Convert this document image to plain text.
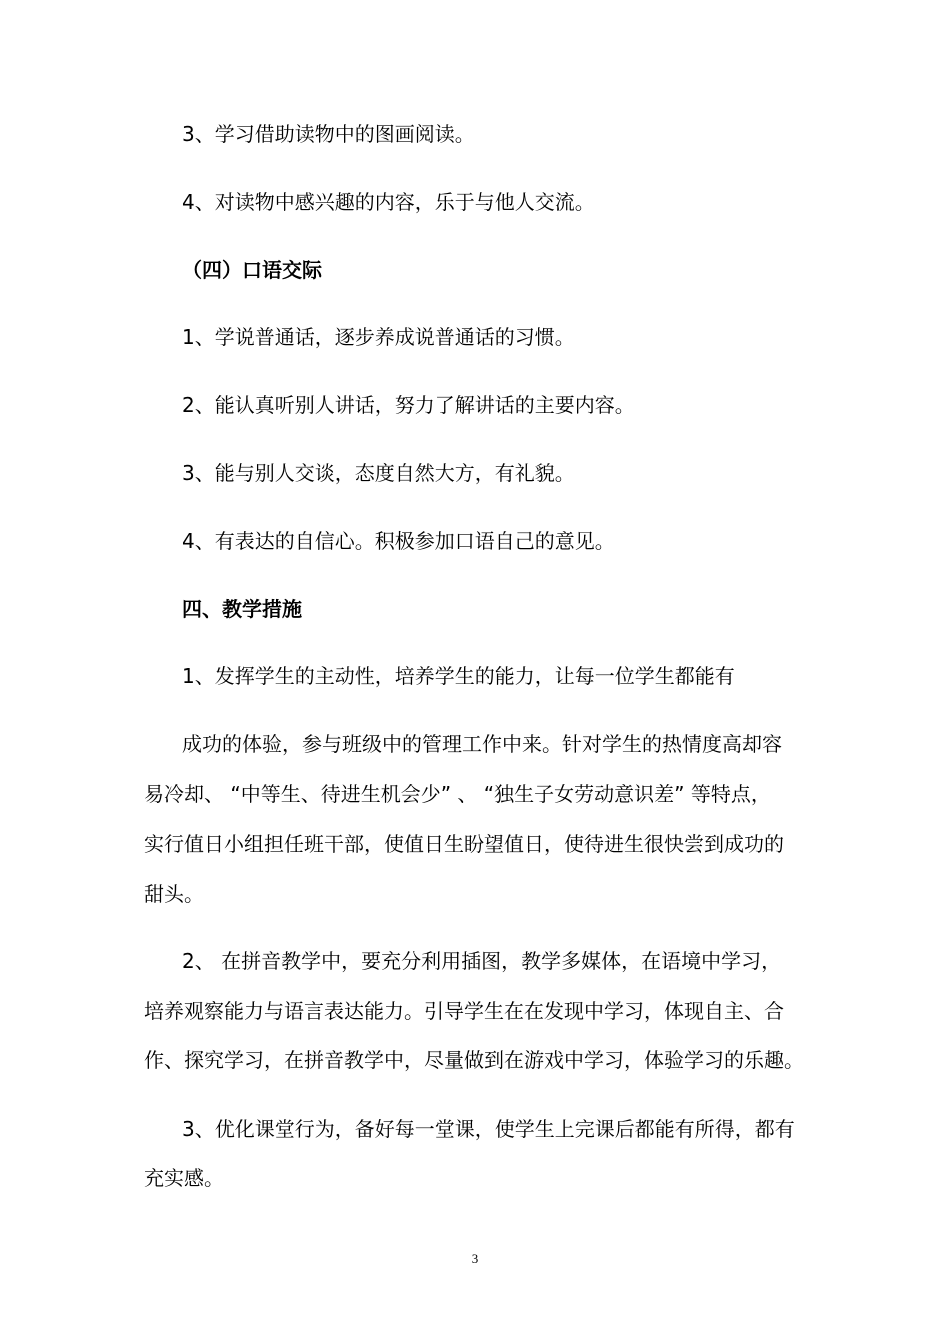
3、学习借助读物中的图画阅读。
4、对读物中感兴趣的内容，乐于与他人交流。
（四）口语交际
1、学说普通话，逐步养成说普通话的习惯。
2、能认真听别人讲话，努力了解讲话的主要内容。
3、能与别人交谈，态度自然大方，有礼貌。
4、有表达的自信心。积极参加口语自己的意见。
四、教学措施
1、发挥学生的主动性，培养学生的能力，让每一位学生都能有
成功的体验，参与班级中的管理工作中来。针对学生的热情度高却容
易冷却、 “中等生、待进生机会少” 、 “独生子女劳动意识差” 等特点，
实行值日小组担任班干部，使值日生盼望值日，使待进生很快尝到成功的
甜头。
2、 在拼音教学中，要充分利用插图，教学多媒体，在语境中学习，
培养观察能力与语言表达能力。引导学生在在发现中学习，体现自主、合
作、探究学习，在拼音教学中，尽量做到在游戏中学习，体验学习的乐趣。
3、优化课堂行为，备好每一堂课，使学生上完课后都能有所得，都有
充实感。
3
